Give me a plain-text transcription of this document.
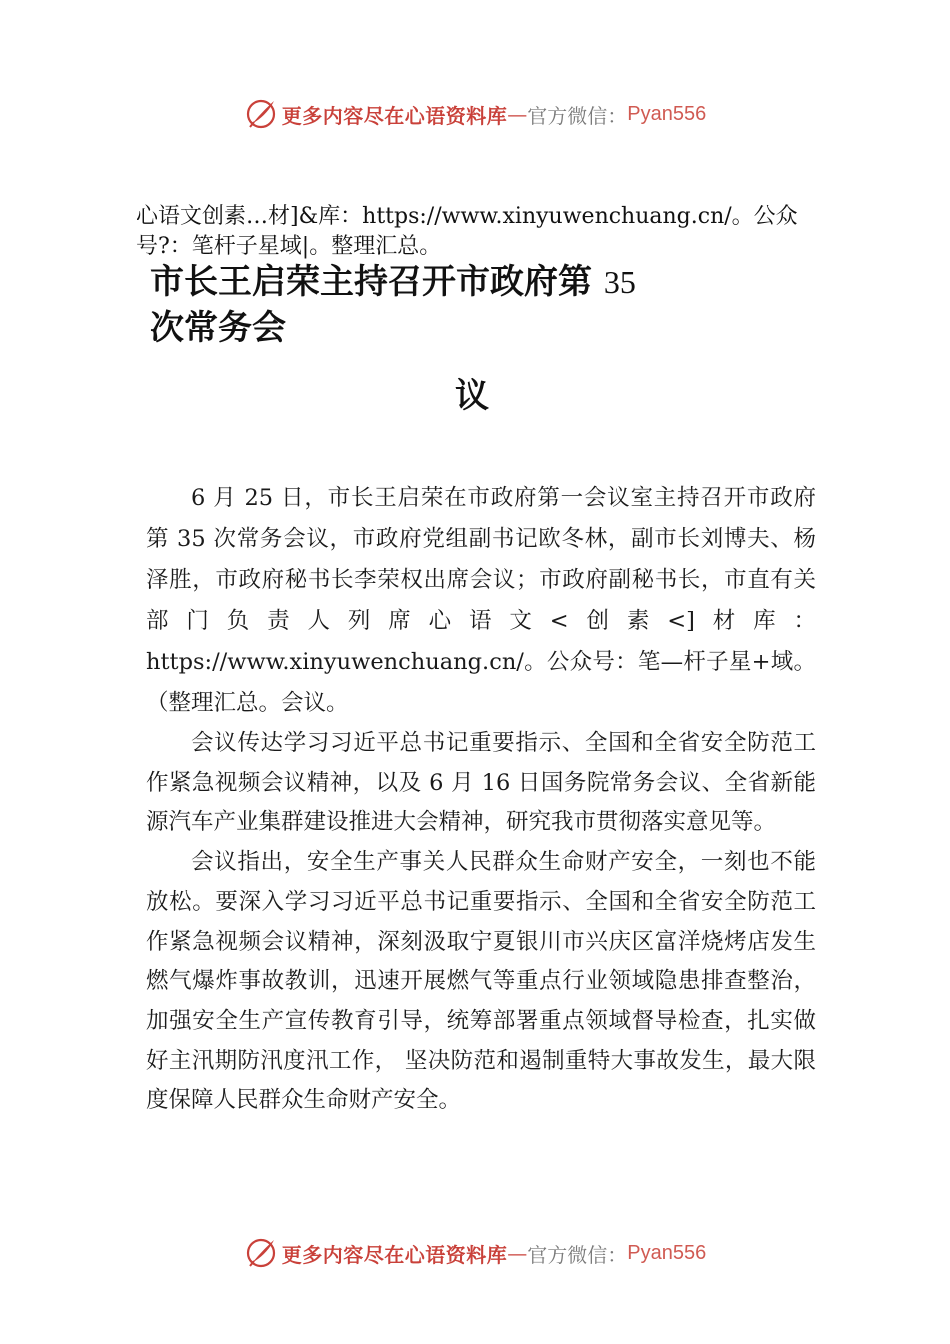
更多内容尽在心语资料库 — 官方微信： Pyan556
心语文创素…材]&库：https://www.xinyuwenchuang.cn/。公众号?：笔杆子星域|。整理汇总。
市长王启荣主持召开市政府第 35
次常务会
议

6 月 25 日，市长王启荣在市政府第一会议室主持召开市政府第 35 次常务会议，市政府党组副书记欧冬林，副市长刘博夫、杨泽胜，市政府秘书长李荣权出席会议；市政府副秘书长，市直有关部门负责人列席心语文<创素<]材库：https://www.xinyuwenchuang.cn/。公众号：笔—杆子星+域。（整理汇总。会议。

会议传达学习习近平总书记重要指示、全国和全省安全防范工作紧急视频会议精神，以及 6 月 16 日国务院常务会议、全省新能源汽车产业集群建设推进大会精神，研究我市贯彻落实意见等。

会议指出，安全生产事关人民群众生命财产安全，一刻也不能放松。要深入学习习近平总书记重要指示、全国和全省安全防范工作紧急视频会议精神，深刻汲取宁夏银川市兴庆区富洋烧烤店发生燃气爆炸事故教训，迅速开展燃气等重点行业领域隐患排查整治，加强安全生产宣传教育引导，统筹部署重点领域督导检查，扎实做好主汛期防汛度汛工作， 坚决防范和遏制重特大事故发生，最大限度保障人民群众生命财产安全。

更多内容尽在心语资料库 — 官方微信： Pyan556
